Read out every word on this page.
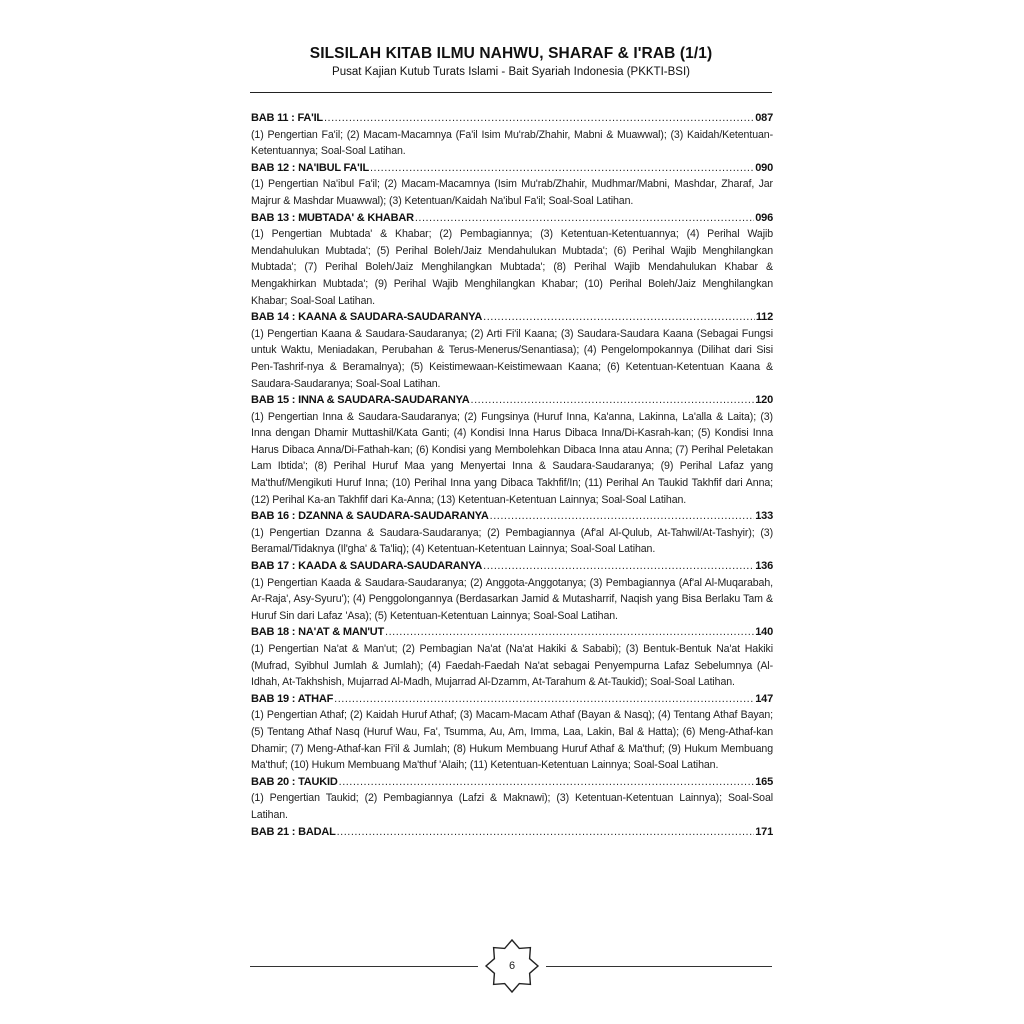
SILSILAH KITAB ILMU NAHWU, SHARAF & I'RAB (1/1)
Pusat Kajian Kutub Turats Islami - Bait Syariah Indonesia (PKKTI-BSI)
BAB 11 : FA'IL .....	087
(1) Pengertian Fa'il; (2) Macam-Macamnya (Fa'il Isim Mu'rab/Zhahir, Mabni & Muawwal); (3) Kaidah/Ketentuan-Ketentuannya; Soal-Soal Latihan.
BAB 12 : NA'IBUL FA'IL .....	090
(1) Pengertian Na'ibul Fa'il; (2) Macam-Macamnya (Isim Mu'rab/Zhahir, Mudhmar/Mabni, Mashdar, Zharaf, Jar Majrur & Mashdar Muawwal); (3) Ketentuan/Kaidah Na'ibul Fa'il; Soal-Soal Latihan.
BAB 13 : MUBTADA' & KHABAR .....	096
(1) Pengertian Mubtada' & Khabar; (2) Pembagiannya; (3) Ketentuan-Ketentuannya; (4) Perihal Wajib Mendahulukan Mubtada'; (5) Perihal Boleh/Jaiz Mendahulukan Mubtada'; (6) Perihal Wajib Menghilangkan Mubtada'; (7) Perihal Boleh/Jaiz Menghilangkan Mubtada'; (8) Perihal Wajib Mendahulukan Khabar & Mengakhirkan Mubtada'; (9) Perihal Wajib Menghilangkan Khabar; (10) Perihal Boleh/Jaiz Menghilangkan Khabar; Soal-Soal Latihan.
BAB 14 : KAANA & SAUDARA-SAUDARANYA .....	112
(1) Pengertian Kaana & Saudara-Saudaranya; (2) Arti Fi'il Kaana; (3) Saudara-Saudara Kaana (Sebagai Fungsi untuk Waktu, Meniadakan, Perubahan & Terus-Menerus/Senantiasa); (4) Pengelompokannya (Dilihat dari Sisi Pen-Tashrif-nya & Beramalnya); (5) Keistimewaan-Keistimewaan Kaana; (6) Ketentuan-Ketentuan Kaana & Saudara-Saudaranya; Soal-Soal Latihan.
BAB 15 : INNA & SAUDARA-SAUDARANYA .....	120
(1) Pengertian Inna & Saudara-Saudaranya; (2) Fungsinya (Huruf Inna, Ka'anna, Lakinna, La'alla & Laita); (3) Inna dengan Dhamir Muttashil/Kata Ganti; (4) Kondisi Inna Harus Dibaca Inna/Di-Kasrah-kan; (5) Kondisi Inna Harus Dibaca Anna/Di-Fathah-kan; (6) Kondisi yang Membolehkan Dibaca Inna atau Anna; (7) Perihal Peletakan Lam Ibtida'; (8) Perihal Huruf Maa yang Menyertai Inna & Saudara-Saudaranya; (9) Perihal Lafaz yang Ma'thuf/Mengikuti Huruf Inna; (10) Perihal Inna yang Dibaca Takhfif/In; (11) Perihal An Taukid Takhfif dari Anna; (12) Perihal Ka-an Takhfif dari Ka-Anna; (13) Ketentuan-Ketentuan Lainnya; Soal-Soal Latihan.
BAB 16 : DZANNA & SAUDARA-SAUDARANYA .....	133
(1) Pengertian Dzanna & Saudara-Saudaranya; (2) Pembagiannya (Af'al Al-Qulub, At-Tahwil/At-Tashyir); (3) Beramal/Tidaknya (Il'gha' & Ta'liq); (4) Ketentuan-Ketentuan Lainnya; Soal-Soal Latihan.
BAB 17 : KAADA & SAUDARA-SAUDARANYA .....	136
(1) Pengertian Kaada & Saudara-Saudaranya; (2) Anggota-Anggotanya; (3) Pembagiannya (Af'al Al-Muqarabah, Ar-Raja', Asy-Syuru'); (4) Penggolongannya (Berdasarkan Jamid & Mutasharrif, Naqish yang Bisa Berlaku Tam & Huruf Sin dari Lafaz 'Asa); (5) Ketentuan-Ketentuan Lainnya; Soal-Soal Latihan.
BAB 18 : NA'AT & MAN'UT .....	140
(1) Pengertian Na'at & Man'ut; (2) Pembagian Na'at (Na'at Hakiki & Sababi); (3) Bentuk-Bentuk Na'at Hakiki (Mufrad, Syibhul Jumlah & Jumlah); (4) Faedah-Faedah Na'at sebagai Penyempurna Lafaz Sebelumnya (Al-Idhah, At-Takhshish, Mujarrad Al-Madh, Mujarrad Al-Dzamm, At-Tarahum & At-Taukid); Soal-Soal Latihan.
BAB 19 : ATHAF .....	147
(1) Pengertian Athaf; (2) Kaidah Huruf Athaf; (3) Macam-Macam Athaf (Bayan & Nasq); (4) Tentang Athaf Bayan; (5) Tentang Athaf Nasq (Huruf Wau, Fa', Tsumma, Au, Am, Imma, Laa, Lakin, Bal & Hatta); (6) Meng-Athaf-kan Dhamir; (7) Meng-Athaf-kan Fi'il & Jumlah; (8) Hukum Membuang Huruf Athaf & Ma'thuf; (9) Hukum Membuang Ma'thuf; (10) Hukum Membuang Ma'thuf 'Alaih; (11) Ketentuan-Ketentuan Lainnya; Soal-Soal Latihan.
BAB 20 : TAUKID .....	165
(1) Pengertian Taukid; (2) Pembagiannya (Lafzi & Maknawi); (3) Ketentuan-Ketentuan Lainnya); Soal-Soal Latihan.
BAB 21 : BADAL .....	171
6
